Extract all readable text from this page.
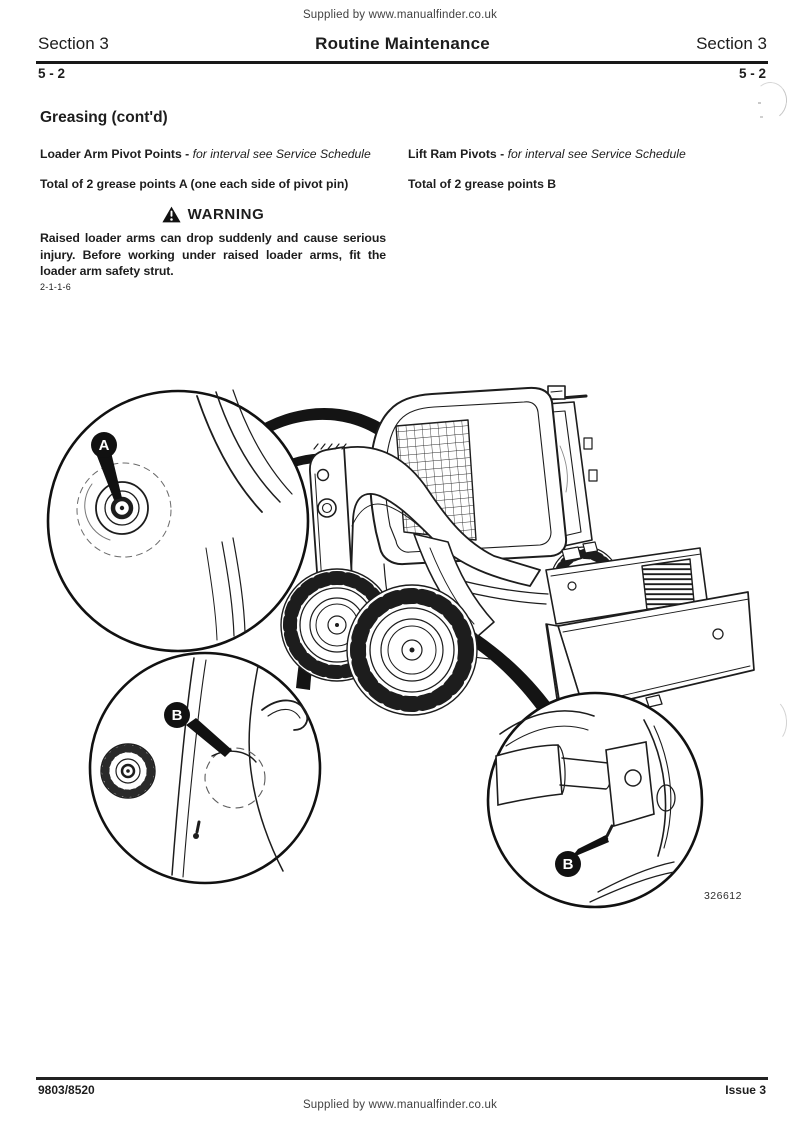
Supplied by www.manualfinder.co.uk
Section 3	Routine Maintenance	Section 3
5 - 2	5 - 2
Greasing (cont'd)
Loader Arm Pivot Points - for interval see Service Schedule
Total of 2 grease points A (one each side of pivot pin)
Lift Ram Pivots - for interval see Service Schedule
Total of 2 grease points B
WARNING
Raised loader arms can drop suddenly and cause serious injury. Before working under raised loader arms, fit the loader arm safety strut.
2-1-1-6
A
B
B
326612
9803/8520	Issue 3
Supplied by www.manualfinder.co.uk
